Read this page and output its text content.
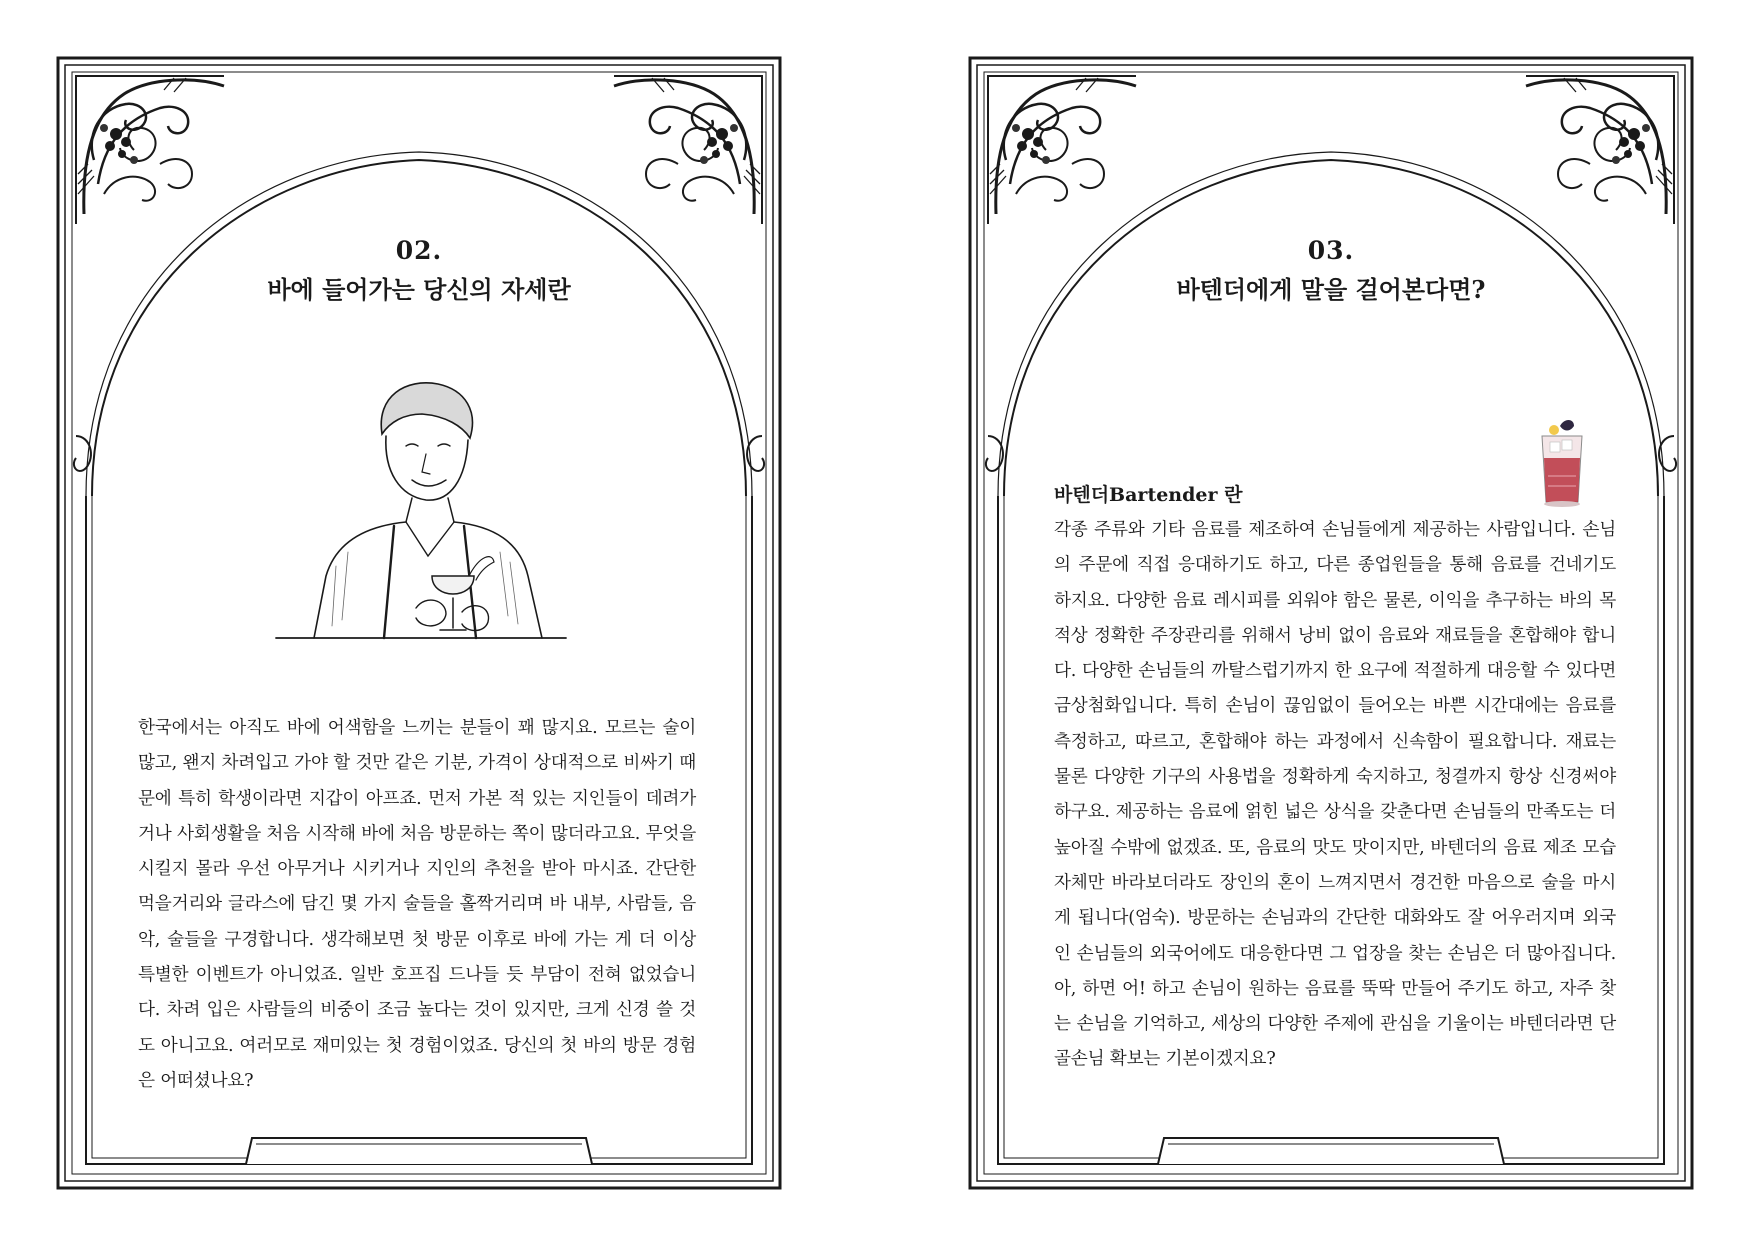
02.
바에 들어가는 당신의 자세란

한국에서는 아직도 바에 어색함을 느끼는 분들이 꽤 많지요. 모르는 술이 많고, 왠지 차려입고 가야 할 것만 같은 기분, 가격이 상대적으로 비싸기 때문에 특히 학생이라면 지갑이 아프죠. 먼저 가본 적 있는 지인들이 데려가거나 사회생활을 처음 시작해 바에 처음 방문하는 쪽이 많더라고요. 무엇을 시킬지 몰라 우선 아무거나 시키거나 지인의 추천을 받아 마시죠. 간단한 먹을거리와 글라스에 담긴 몇 가지 술들을 홀짝거리며 바 내부, 사람들, 음악, 술들을 구경합니다. 생각해보면 첫 방문 이후로 바에 가는 게 더 이상 특별한 이벤트가 아니었죠. 일반 호프집 드나들 듯 부담이 전혀 없었습니다. 차려 입은 사람들의 비중이 조금 높다는 것이 있지만, 크게 신경 쓸 것도 아니고요. 여러모로 재미있는 첫 경험이었죠. 당신의 첫 바의 방문 경험은 어떠셨나요?

03.
바텐더에게 말을 걸어본다면?
바텐더Bartender 란

각종 주류와 기타 음료를 제조하여 손님들에게 제공하는 사람입니다. 손님의 주문에 직접 응대하기도 하고, 다른 종업원들을 통해 음료를 건네기도 하지요. 다양한 음료 레시피를 외워야 함은 물론, 이익을 추구하는 바의 목적상 정확한 주장관리를 위해서 낭비 없이 음료와 재료들을 혼합해야 합니다. 다양한 손님들의 까탈스럽기까지 한 요구에 적절하게 대응할 수 있다면 금상첨화입니다. 특히 손님이 끊임없이 들어오는 바쁜 시간대에는 음료를 측정하고, 따르고, 혼합해야 하는 과정에서 신속함이 필요합니다. 재료는 물론 다양한 기구의 사용법을 정확하게 숙지하고, 청결까지 항상 신경써야 하구요. 제공하는 음료에 얽힌 넓은 상식을 갖춘다면 손님들의 만족도는 더 높아질 수밖에 없겠죠. 또, 음료의 맛도 맛이지만, 바텐더의 음료 제조 모습 자체만 바라보더라도 장인의 혼이 느껴지면서 경건한 마음으로 술을 마시게 됩니다(엄숙). 방문하는 손님과의 간단한 대화와도 잘 어우러지며 외국인 손님들의 외국어에도 대응한다면 그 업장을 찾는 손님은 더 많아집니다. 아, 하면 어! 하고 손님이 원하는 음료를 뚝딱 만들어 주기도 하고, 자주 찾는 손님을 기억하고, 세상의 다양한 주제에 관심을 기울이는 바텐더라면 단골손님 확보는 기본이겠지요?
